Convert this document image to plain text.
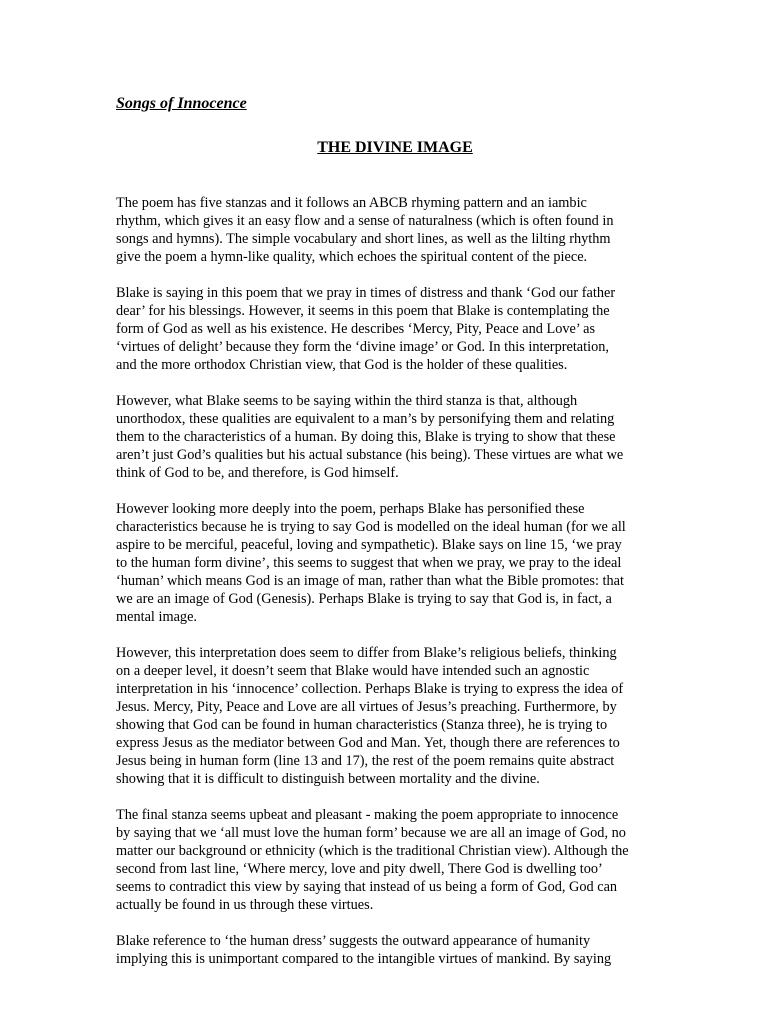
Songs of Innocence
THE DIVINE IMAGE

The poem has five stanzas and it follows an ABCB rhyming pattern and an iambic
rhythm, which gives it an easy flow and a sense of naturalness (which is often found in
songs and hymns). The simple vocabulary and short lines, as well as the lilting rhythm
give the poem a hymn-like quality, which echoes the spiritual content of the piece.

Blake is saying in this poem that we pray in times of distress and thank ‘God our father
dear’ for his blessings. However, it seems in this poem that Blake is contemplating the
form of God as well as his existence. He describes ‘Mercy, Pity, Peace and Love’ as
‘virtues of delight’ because they form the ‘divine image’ or God. In this interpretation,
and the more orthodox Christian view, that God is the holder of these qualities.

However, what Blake seems to be saying within the third stanza is that, although
unorthodox, these qualities are equivalent to a man’s by personifying them and relating
them to the characteristics of a human. By doing this, Blake is trying to show that these
aren’t just God’s qualities but his actual substance (his being). These virtues are what we
think of God to be, and therefore, is God himself.

However looking more deeply into the poem, perhaps Blake has personified these
characteristics because he is trying to say God is modelled on the ideal human (for we all
aspire to be merciful, peaceful, loving and sympathetic). Blake says on line 15, ‘we pray
to the human form divine’, this seems to suggest that when we pray, we pray to the ideal
‘human’ which means God is an image of man, rather than what the Bible promotes: that
we are an image of God (Genesis). Perhaps Blake is trying to say that God is, in fact, a
mental image.

However, this interpretation does seem to differ from Blake’s religious beliefs, thinking
on a deeper level, it doesn’t seem that Blake would have intended such an agnostic
interpretation in his ‘innocence’ collection. Perhaps Blake is trying to express the idea of
Jesus. Mercy, Pity, Peace and Love are all virtues of Jesus’s preaching. Furthermore, by
showing that God can be found in human characteristics (Stanza three), he is trying to
express Jesus as the mediator between God and Man. Yet, though there are references to
Jesus being in human form (line 13 and 17), the rest of the poem remains quite abstract
showing that it is difficult to distinguish between mortality and the divine.

The final stanza seems upbeat and pleasant - making the poem appropriate to innocence
by saying that we ‘all must love the human form’ because we are all an image of God, no
matter our background or ethnicity (which is the traditional Christian view). Although the
second from last line, ‘Where mercy, love and pity dwell, There God is dwelling too’
seems to contradict this view by saying that instead of us being a form of God, God can
actually be found in us through these virtues.

Blake reference to ‘the human dress’ suggests the outward appearance of humanity
implying this is unimportant compared to the intangible virtues of mankind. By saying
